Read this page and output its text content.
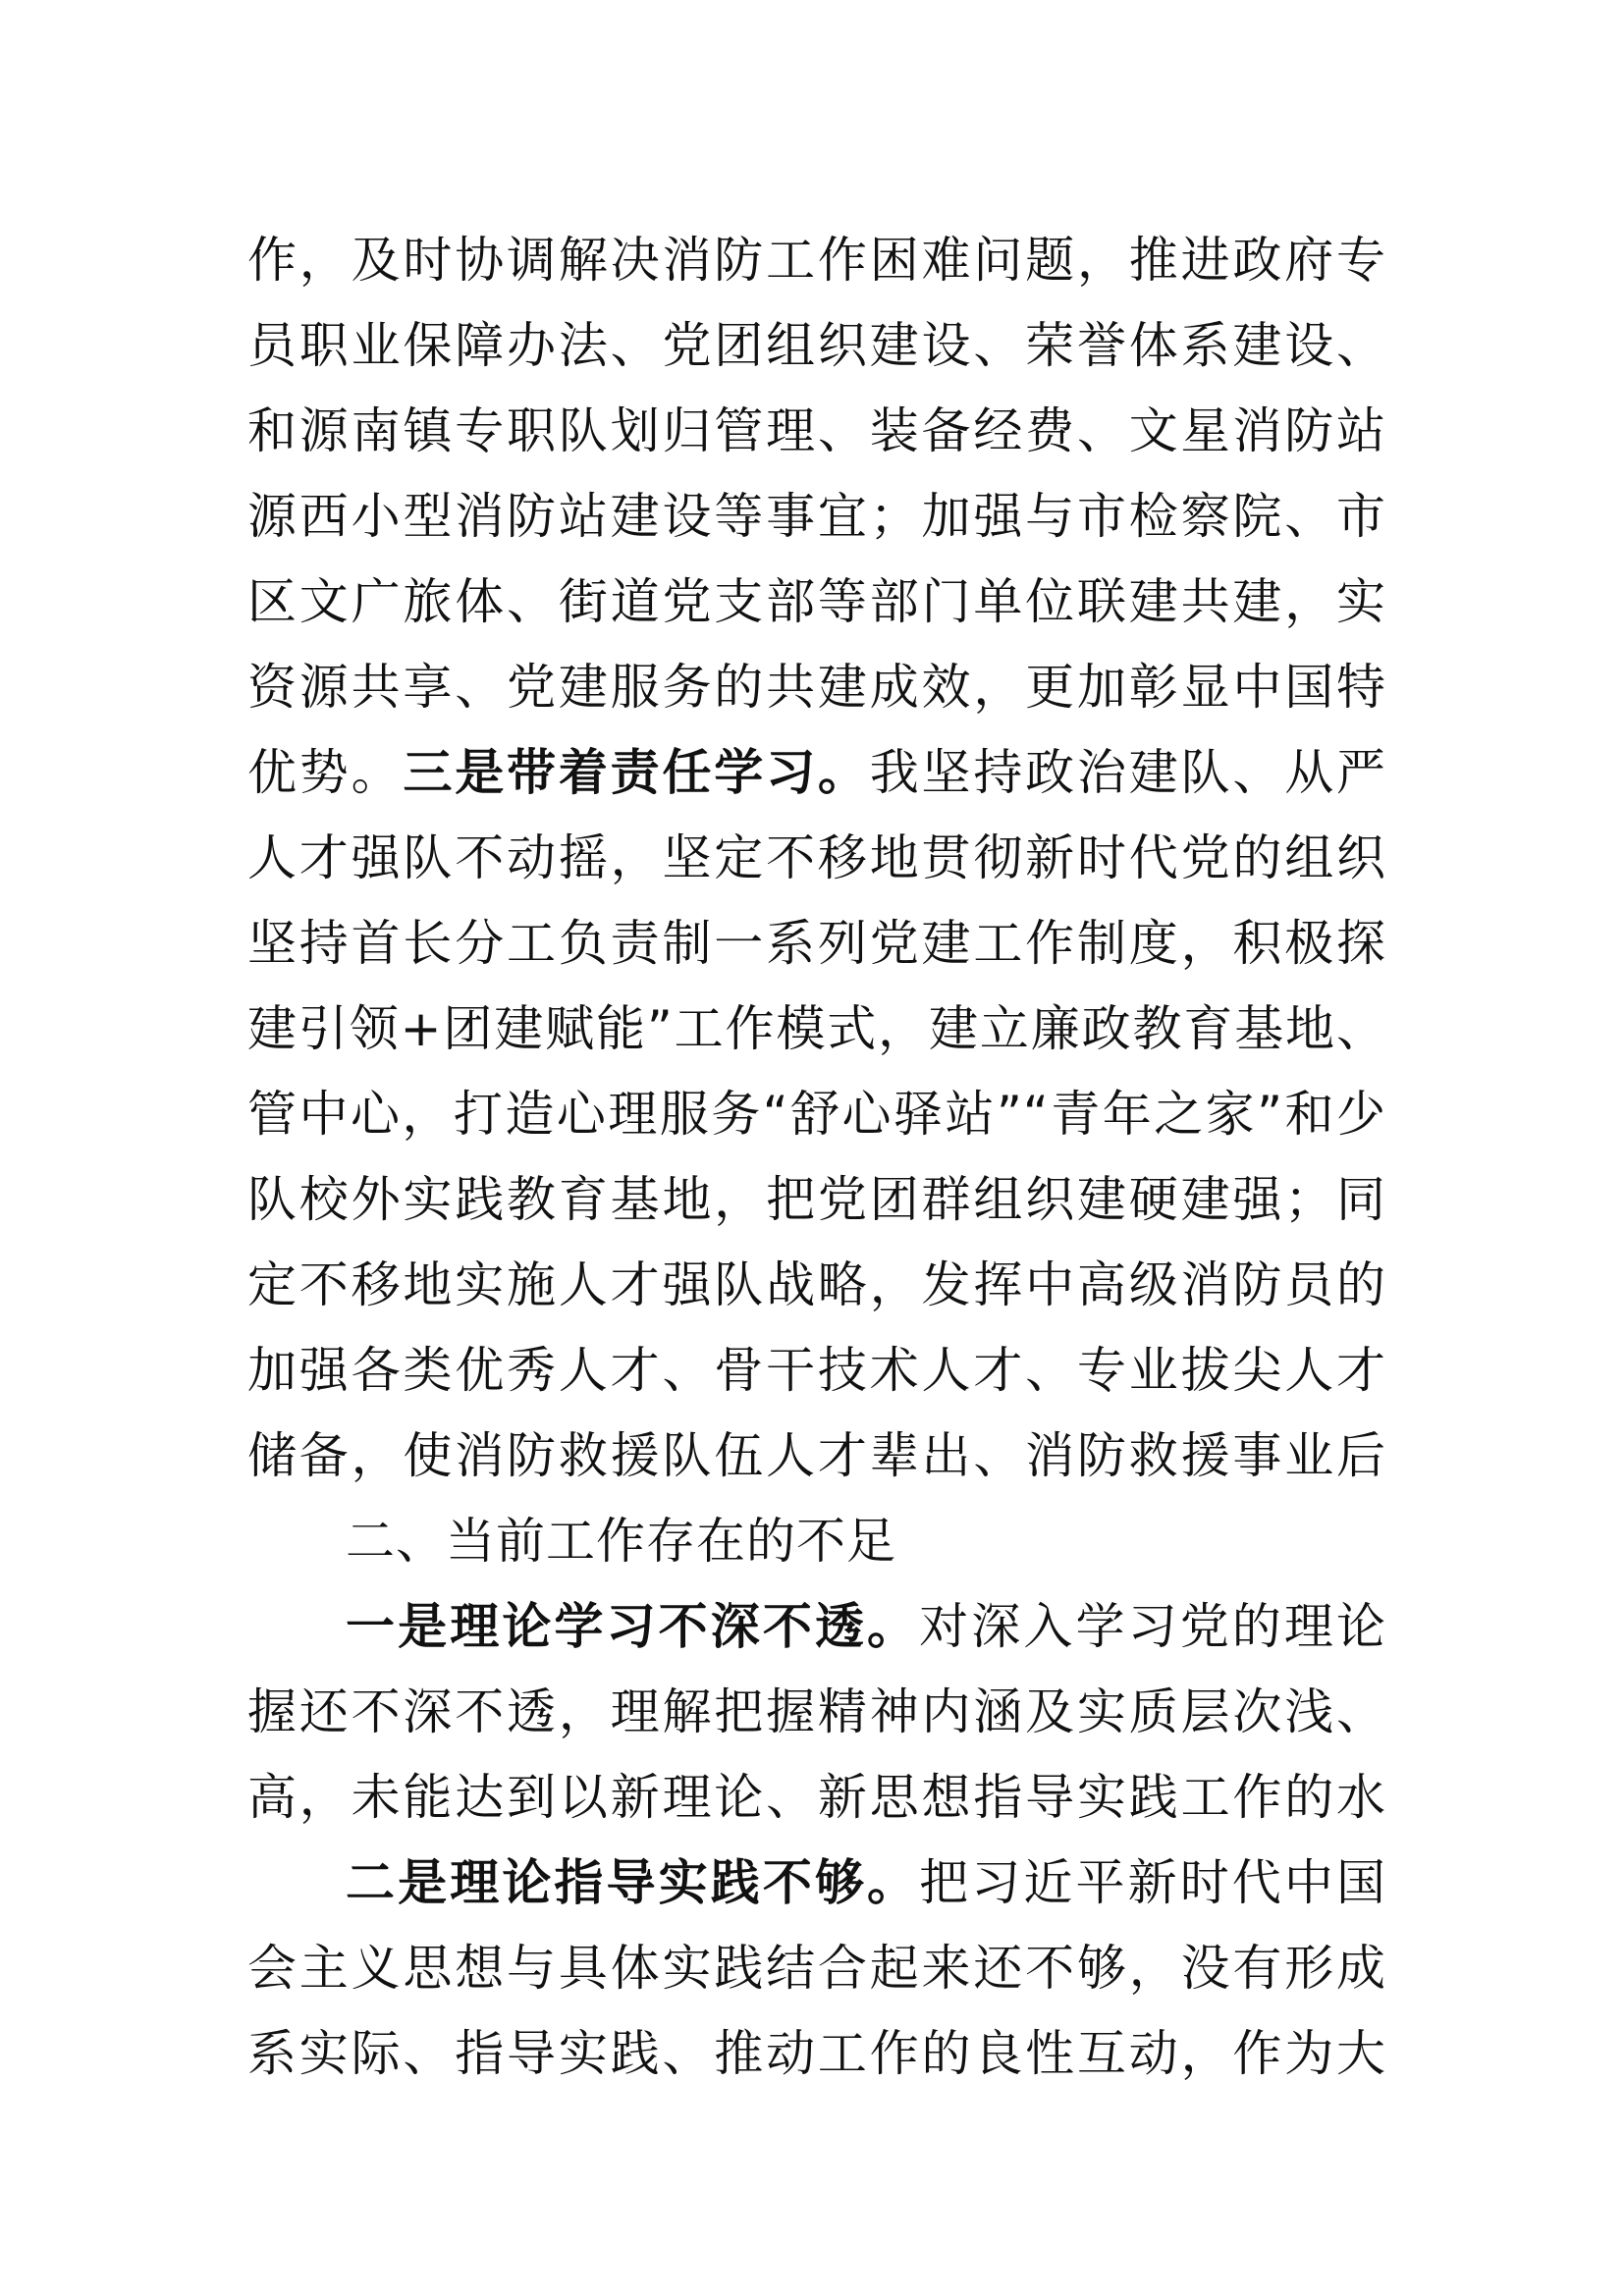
作，及时协调解决消防工作困难问题，推进政府专
员职业保障办法、党团组织建设、荣誉体系建设、
和源南镇专职队划归管理、装备经费、文星消防站
源西小型消防站建设等事宜；加强与市检察院、市
区文广旅体、街道党支部等部门单位联建共建，实
资源共享、党建服务的共建成效，更加彰显中国特
优势。三是带着责任学习。我坚持政治建队、从严
人才强队不动摇，坚定不移地贯彻新时代党的组织
坚持首长分工负责制一系列党建工作制度，积极探
建引领+团建赋能”工作模式，建立廉政教育基地、
管中心，打造心理服务“舒心驿站”“青年之家”和少
队校外实践教育基地，把党团群组织建硬建强；同
定不移地实施人才强队战略，发挥中高级消防员的
加强各类优秀人才、骨干技术人才、专业拔尖人才
储备，使消防救援队伍人才辈出、消防救援事业后
二、当前工作存在的不足
一是理论学习不深不透。对深入学习党的理论
握还不深不透，理解把握精神内涵及实质层次浅、
高，未能达到以新理论、新思想指导实践工作的水
二是理论指导实践不够。把习近平新时代中国
会主义思想与具体实践结合起来还不够，没有形成
系实际、指导实践、推动工作的良性互动，作为大
